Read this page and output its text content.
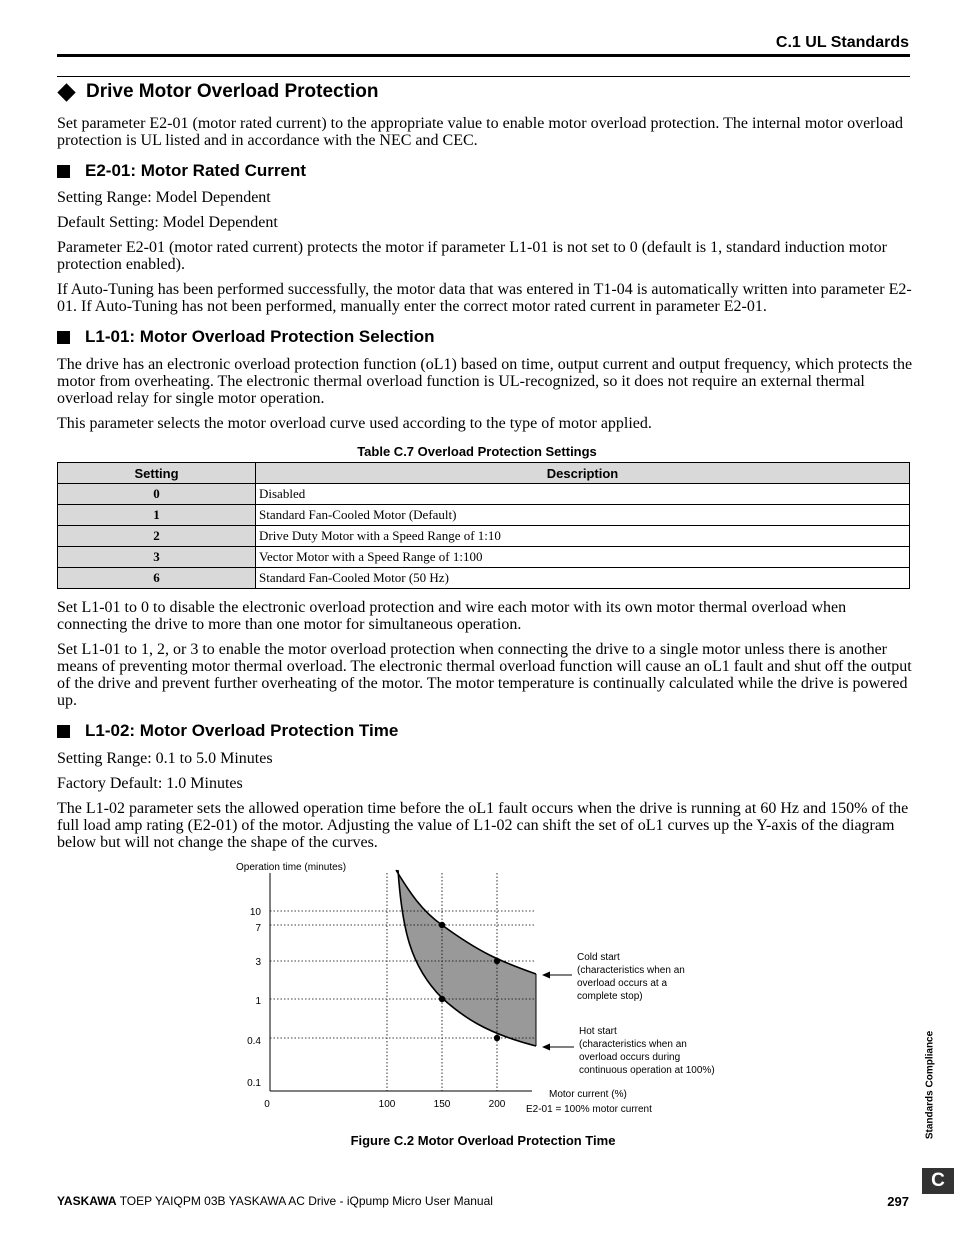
C.1 UL Standards
Drive Motor Overload Protection
Set parameter E2-01 (motor rated current) to the appropriate value to enable motor overload protection. The internal motor overload protection is UL listed and in accordance with the NEC and CEC.
E2-01: Motor Rated Current
Setting Range: Model Dependent
Default Setting: Model Dependent
Parameter E2-01 (motor rated current) protects the motor if parameter L1-01 is not set to 0 (default is 1, standard induction motor protection enabled).
If Auto-Tuning has been performed successfully, the motor data that was entered in T1-04 is automatically written into parameter E2-01. If Auto-Tuning has not been performed, manually enter the correct motor rated current in parameter E2-01.
L1-01: Motor Overload Protection Selection
The drive has an electronic overload protection function (oL1) based on time, output current and output frequency, which protects the motor from overheating. The electronic thermal overload function is UL-recognized, so it does not require an external thermal overload relay for single motor operation.
This parameter selects the motor overload curve used according to the type of motor applied.
Table C.7 Overload Protection Settings
Setting	Description
0	Disabled
1	Standard Fan-Cooled Motor (Default)
2	Drive Duty Motor with a Speed Range of 1:10
3	Vector Motor with a Speed Range of 1:100
6	Standard Fan-Cooled Motor (50 Hz)
Set L1-01 to 0 to disable the electronic overload protection and wire each motor with its own motor thermal overload when connecting the drive to more than one motor for simultaneous operation.
Set L1-01 to 1, 2, or 3 to enable the motor overload protection when connecting the drive to a single motor unless there is another means of preventing motor thermal overload. The electronic thermal overload function will cause an oL1 fault and shut off the output of the drive and prevent further overheating of the motor. The motor temperature is continually calculated while the drive is powered up.
L1-02: Motor Overload Protection Time
Setting Range: 0.1 to 5.0 Minutes
Factory Default: 1.0 Minutes
The L1-02 parameter sets the allowed operation time before the oL1 fault occurs when the drive is running at 60 Hz and 150% of the full load amp rating (E2-01) of the motor. Adjusting the value of L1-02 can shift the set of oL1 curves up the Y-axis of the diagram below but will not change the shape of the curves.
Operation time (minutes)
10
7
3
1
0.4
0.1
0	100	150	200
Motor current (%)
E2-01 = 100% motor current
Cold start
(characteristics when an
overload occurs at a
complete stop)
Hot start
(characteristics when an
overload occurs during
continuous operation at 100%)
Figure C.2 Motor Overload Protection Time
Standards Compliance
C
YASKAWA TOEP YAIQPM 03B YASKAWA AC Drive - iQpump Micro User Manual	297
